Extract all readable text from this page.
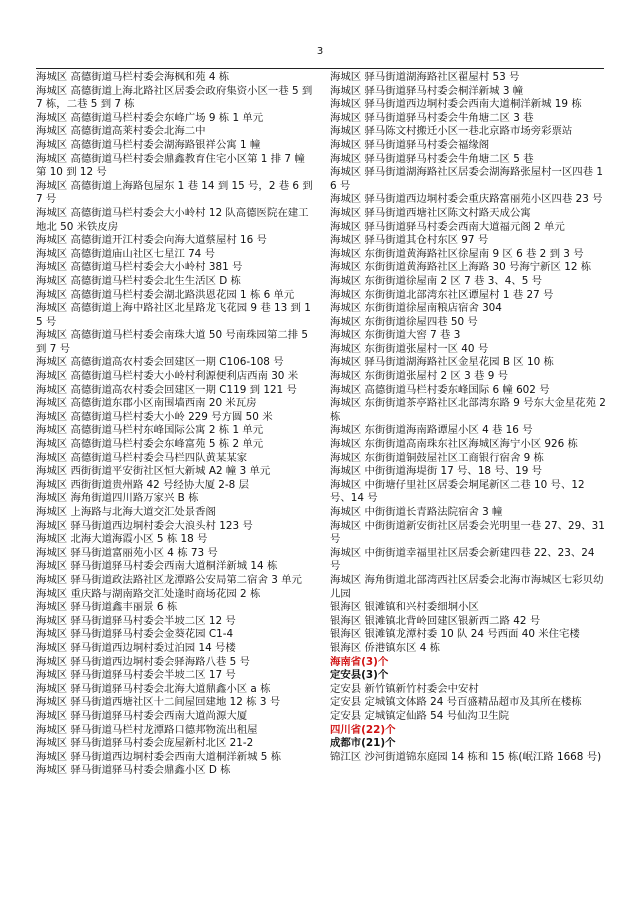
3

海城区 高德街道马栏村委会海枫和苑 4 栋

海城区 高德街道上海北路社区居委会政府集资小区一巷 5 到 7 栋，二巷 5 到 7 栋

海城区 高德街道马栏村委会东峰广场 9 栋 1 单元

海城区 高德街道高莱村委会北海二中

海城区 高德街道马栏村委会湖海路银祥公寓 1 幢

海城区 高德街道马栏村委会鼎鑫教育住宅小区第 1 排 7 幢第 10 到 12 号

海城区 高德街道上海路包屋东 1 巷 14 到 15 号，2 巷 6 到 7 号

海城区 高德街道马栏村委会大小岭村 12 队高德医院在建工地北 50 米铁皮房

海城区 高德街道开江村委会向海大道蔡屋村 16 号

海城区 高德街道庙山社区七星江 74 号

海城区 高德街道马栏村委会大小岭村 381 号

海城区 高德街道马栏村委会北生生活区 D 栋

海城区 高德街道马栏村委会湖北路洪恩花园 1 栋 6 单元

海城区 高德街道上海中路社区北星路龙飞花园 9 巷 13 到 15 号

海城区 高德街道马栏村委会南珠大道 50 号南珠园第二排 5 到 7 号

海城区 高德街道高农村委会回建区一期 C106-108 号

海城区 高德街道马栏村委大小岭村利源便利店西南 30 米

海城区 高德街道高农村委会回建区一期 C119 到 121 号

海城区 高德街道东郡小区南围墙西南 20 米瓦房

海城区 高德街道马栏村委大小岭 229 号方圆 50 米

海城区 高德街道马栏村东峰国际公寓 2 栋 1 单元

海城区 高德街道马栏村委会东峰富苑 5 栋 2 单元

海城区 高德街道马栏村委会马栏四队黄某某家

海城区 西街街道平安街社区恒大新城 A2 幢 3 单元

海城区 西街街道贵州路 42 号经协大厦 2-8 层

海城区 海角街道四川路万家兴 B 栋

海城区 上海路与北海大道交汇处景香阁

海城区 驿马街道西边垌村委会大浪头村 123 号

海城区 北海大道海霞小区 5 栋 18 号

海城区 驿马街道富丽苑小区 4 栋 73 号

海城区 驿马街道驿马村委会西南大道桐洋新城 14 栋

海城区 驿马街道政法路社区龙潭路公安局第二宿舍 3 单元

海城区 重庆路与湖南路交汇处逢时商场花园 2 栋

海城区 驿马街道鑫丰丽景 6 栋

海城区 驿马街道驿马村委会半坡二区 12 号

海城区 驿马街道驿马村委会金葵花园 C1-4

海城区 驿马街道西边垌村委过泊园 14 号楼

海城区 驿马街道西边垌村委会驿海路八巷 5 号

海城区 驿马街道驿马村委会半坡二区 17 号

海城区 驿马街道驿马村委会北海大道鼎鑫小区 a 栋

海城区 驿马街道西塘社区十二间屋回建地 12 栋 3 号

海城区 驿马街道驿马村委会西南大道尚源大厦

海城区 驿马街道马栏村龙潭路口德邦物流出租屋

海城区 驿马街道驿马村委会庞屋新村北区 21-2

海城区 驿马街道西边垌村委会西南大道桐洋新城 5 栋

海城区 驿马街道驿马村委会鼎鑫小区 D 栋

海城区 驿马街道湖海路社区翟屋村 53 号

海城区 驿马街道驿马村委会桐洋新城 3 幢

海城区 驿马街道西边垌村委会西南大道桐洋新城 19 栋

海城区 驿马街道驿马村委会牛角塘二区 3 巷

海城区 驿马陈文村搬迁小区一巷北京路市场旁彩票站

海城区 驿马街道驿马村委会福缘阁

海城区 驿马街道驿马村委会牛角塘二区 5 巷

海城区 驿马街道湖海路社区居委会湖海路张屋村一区四巷 16 号

海城区 驿马街道西边垌村委会重庆路富丽苑小区四巷 23 号

海城区 驿马街道西塘社区陈文村路天成公寓

海城区 驿马街道驿马村委会西南大道福元阁 2 单元

海城区 驿马街道其仓村东区 97 号

海城区 东街街道黄海路社区徐屋南 9 区 6 巷 2 到 3 号

海城区 东街街道黄海路社区上海路 30 号海宁新区 12 栋

海城区 东街街道徐屋南 2 区 7 巷 3、4、5 号

海城区 东街街道北部湾东社区谭屋村 1 巷 27 号

海城区 东街街道徐屋南粮店宿舍 304

海城区 东街街道徐屋四巷 50 号

海城区 东街街道大窖 7 巷 3

海城区 东街街道张屋村一区 40 号

海城区 驿马街道湖海路社区金星花园 B 区 10 栋

海城区 东街街道张屋村 2 区 3 巷 9 号

海城区 高德街道马栏村委东峰国际 6 幢 602 号

海城区 东街街道茶亭路社区北部湾东路 9 号东大金星花苑 2 栋

海城区 东街街道海南路谭屋小区 4 巷 16 号

海城区 东街街道高南珠东社区海城区海宁小区 926 栋

海城区 东街街道铜鼓屋社区工商银行宿舍 9 栋

海城区 中街街道海堤街 17 号、18 号、19 号

海城区 中街塘仔里社区居委会垌尾新区二巷 10 号、12 号、14 号

海城区 中街街道长青路法院宿舍 3 幢

海城区 中街街道新安街社区居委会光明里一巷 27、29、31 号

海城区 中街街道幸福里社区居委会新建四巷 22、23、24 号

海城区 海角街道北部湾西社区居委会北海市海城区七彩贝幼儿园

银海区 银滩镇和兴村委细垌小区

银海区 银滩镇北背岭回建区银新西二路 42 号

银海区 银滩镇龙潭村委 10 队 24 号西面 40 米住宅楼

银海区 侨港镇东区 4 栋

海南省(3)个

定安县(3)个

定安县 新竹镇新竹村委会中安村

定安县 定城镇文体路 24 号百盛精品超市及其所在楼栋

定安县 定城镇定仙路 54 号仙沟卫生院

四川省(22)个

成都市(21)个

锦江区 沙河街道锦东庭园 14 栋和 15 栋(岷江路 1668 号)
